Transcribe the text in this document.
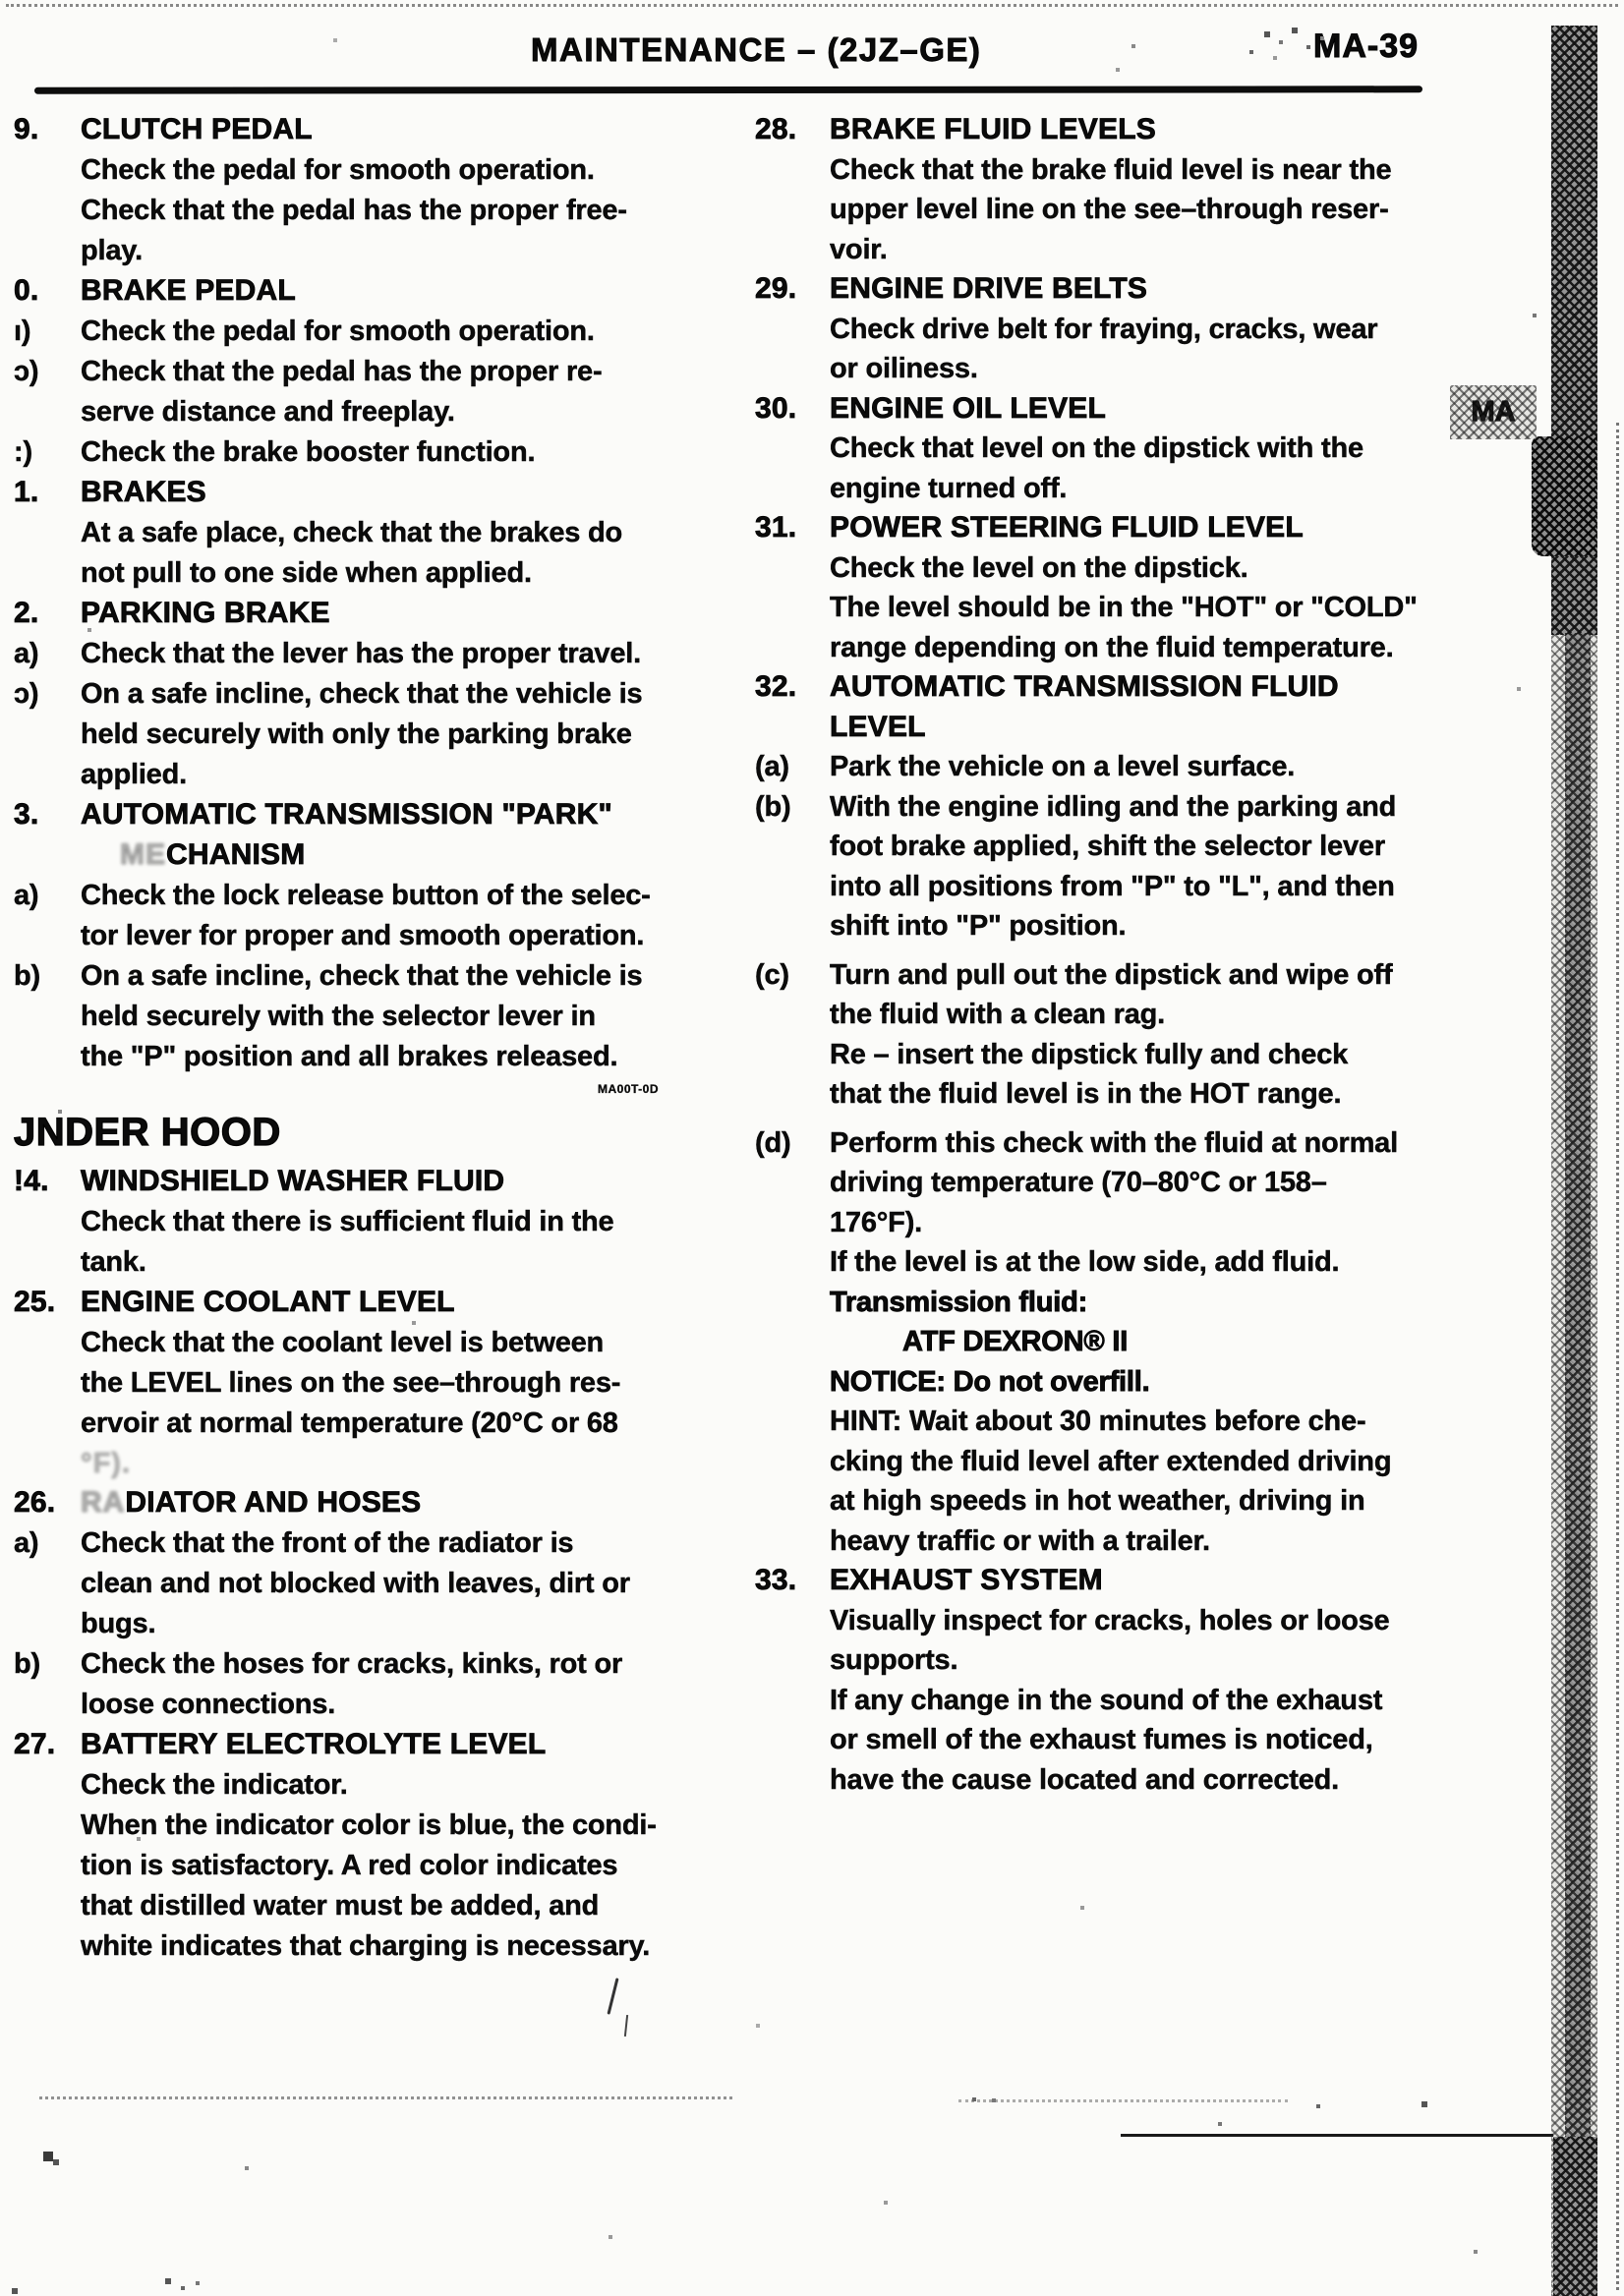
MAINTENANCE – (2JZ–GE)	MA-39
9. CLUTCH PEDAL
Check the pedal for smooth operation.
Check that the pedal has the proper free-
play.
0. BRAKE PEDAL
ı) Check the pedal for smooth operation.
ɔ) Check that the pedal has the proper re-
serve distance and freeplay.
:) Check the brake booster function.
1. BRAKES
At a safe place, check that the brakes do
not pull to one side when applied.
2. PARKING BRAKE
a) Check that the lever has the proper travel.
ɔ) On a safe incline, check that the vehicle is
held securely with only the parking brake
applied.
3. AUTOMATIC TRANSMISSION "PARK"
MECHANISM
a) Check the lock release button of the selec-
tor lever for proper and smooth operation.
b) On a safe incline, check that the vehicle is
held securely with the selector lever in
the "P" position and all brakes released.
MA00T-0D
JNDER HOOD
!4. WINDSHIELD WASHER FLUID
Check that there is sufficient fluid in the
tank.
25. ENGINE COOLANT LEVEL
Check that the coolant level is between
the LEVEL lines on the see–through res-
ervoir at normal temperature (20°C or 68
°F).
26. RADIATOR AND HOSES
a) Check that the front of the radiator is
clean and not blocked with leaves, dirt or
bugs.
b) Check the hoses for cracks, kinks, rot or
loose connections.
27. BATTERY ELECTROLYTE LEVEL
Check the indicator.
When the indicator color is blue, the condi-
tion is satisfactory. A red color indicates
that distilled water must be added, and
white indicates that charging is necessary.
28. BRAKE FLUID LEVELS
Check that the brake fluid level is near the
upper level line on the see–through reser-
voir.
29. ENGINE DRIVE BELTS
Check drive belt for fraying, cracks, wear
or oiliness.
30. ENGINE OIL LEVEL
Check that level on the dipstick with the
engine turned off.
31. POWER STEERING FLUID LEVEL
Check the level on the dipstick.
The level should be in the "HOT" or "COLD"
range depending on the fluid temperature.
32. AUTOMATIC TRANSMISSION FLUID
LEVEL
(a) Park the vehicle on a level surface.
(b) With the engine idling and the parking and
foot brake applied, shift the selector lever
into all positions from "P" to "L", and then
shift into "P" position.
(c) Turn and pull out the dipstick and wipe off
the fluid with a clean rag.
Re – insert the dipstick fully and check
that the fluid level is in the HOT range.
(d) Perform this check with the fluid at normal
driving temperature (70–80°C or 158–
176°F).
If the level is at the low side, add fluid.
Transmission fluid:
ATF DEXRON® II
NOTICE: Do not overfill.
HINT: Wait about 30 minutes before che-
cking the fluid level after extended driving
at high speeds in hot weather, driving in
heavy traffic or with a trailer.
33. EXHAUST SYSTEM
Visually inspect for cracks, holes or loose
supports.
If any change in the sound of the exhaust
or smell of the exhaust fumes is noticed,
have the cause located and corrected.
MA
